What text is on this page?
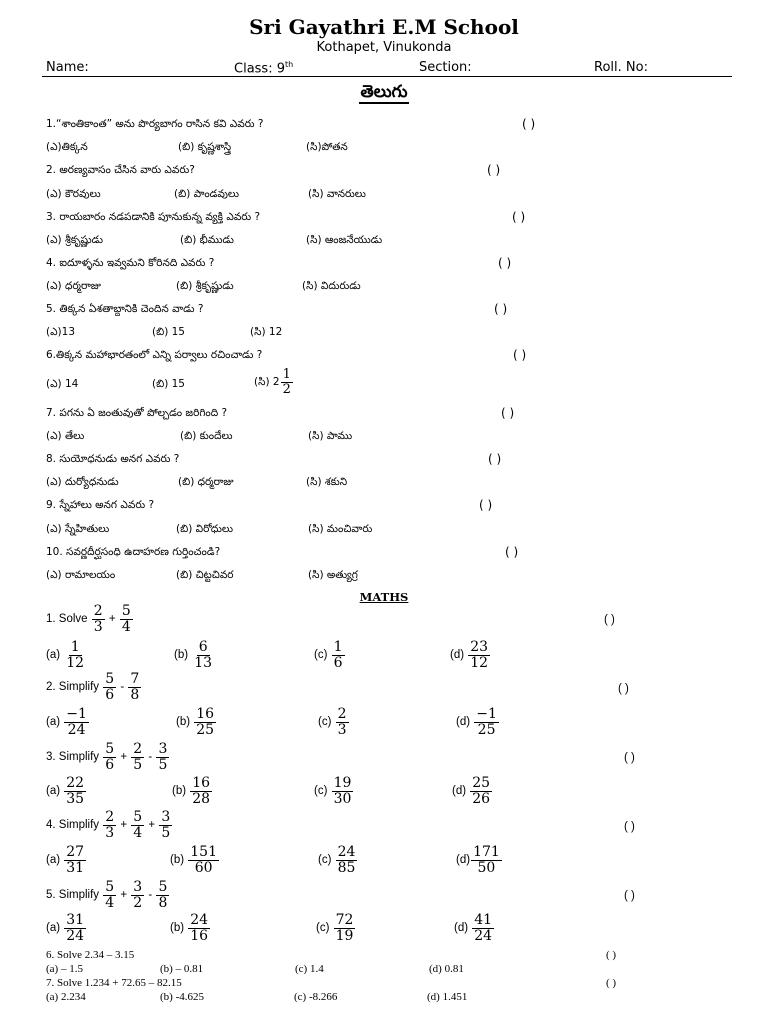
Sri Gayathri E.M School
Kothapet, Vinukonda
Name:	Class: 9th	Section:	Roll. No:
తెలుగు
1.“శాంతికాంత” అను పొర్యబాగం రాసిన కవి ఎవరు ?	( )
(ఎ)తిక్కన	(బి) కృష్ణశాస్త్రి	(సి)పోతన
2. అరణ్యవాసం చేసిన వారు ఎవరు?	( )
(ఎ) కౌరవులు	(బి) పాండవులు	(సి) వానరులు
3. రాయబారం నడపడానికి పూనుకున్న వ్యక్తి ఎవరు ?	( )
(ఎ) శ్రీకృష్ణుడు	(బి) భీముడు	(సి) ఆంజనేయుడు
4. ఐదూళ్ళను ఇవ్వమని కోరినది ఎవరు ?	( )
(ఎ) ధర్మరాజు	(బి) శ్రీకృష్ణుడు	(సి) విదురుడు
5. తిక్కన ఏశతాబ్దానికి చెందిన వాడు ?	( )
(ఎ)13	(బి) 15	(సి) 12
6.తిక్కన మహాభారతంలో ఎన్ని పర్వాలు రచించాడు ?	( )
(ఎ) 14	(బి) 15	(సి) $2 \frac{1}{2}$
7. పగను ఏ జంతువుతో పోల్చడం జరిగింది ?	( )
(ఎ) తేలు	(బి) కుందేలు	(సి) పాము
8. సుయోధనుడు అనగ ఎవరు ?	( )
(ఎ) దుర్యోధనుడు	(బి) ధర్మరాజు	(సి) శకుని
9. స్నేహాలు అనగ ఎవరు ?	( )
(ఎ) స్నేహితులు	(బి) విరోధులు	(సి) మంచివారు
10. సవర్ణదీర్ఘసంధి ఉదాహరణ గుర్తించండి?	( )
(ఎ) రామాలయం	(బి) చిట్టచివర	(సి) అత్యుగ్ర
MATHS
1. Solve $\frac{2}{3} + \frac{5}{4}$	( )
$(a) \frac{1}{12}$	$(b) \frac{6}{13}$	$(c) \frac{1}{6}$	$(d) \frac{23}{12}$
2. Simplify $\frac{5}{6} - \frac{7}{8}$	( )
$(a) \frac{-1}{24}$	$(b) \frac{16}{25}$	$(c) \frac{2}{3}$	$(d) \frac{-1}{25}$
3. Simplify $\frac{5}{6} + \frac{2}{5} - \frac{3}{5}$	( )
$(a) \frac{22}{35}$	$(b) \frac{16}{28}$	$(c) \frac{19}{30}$	$(d) \frac{25}{26}$
4. Simplify $\frac{2}{3} + \frac{5}{4} + \frac{3}{5}$	( )
$(a) \frac{27}{31}$	$(b) \frac{151}{60}$	$(c) \frac{24}{85}$	$(d) \frac{171}{50}$
5. Simplify $\frac{5}{4} + \frac{3}{2} - \frac{5}{8}$	( )
$(a) \frac{31}{24}$	$(b) \frac{24}{16}$	$(c) \frac{72}{19}$	$(d) \frac{41}{24}$
6. Solve 2.34 – 3.15	( )
(a) – 1.5	(b) – 0.81	(c) 1.4	(d) 0.81
7. Solve 1.234 + 72.65 – 82.15	( )
(a) 2.234	(b) -4.625	(c) -8.266	(d) 1.451
